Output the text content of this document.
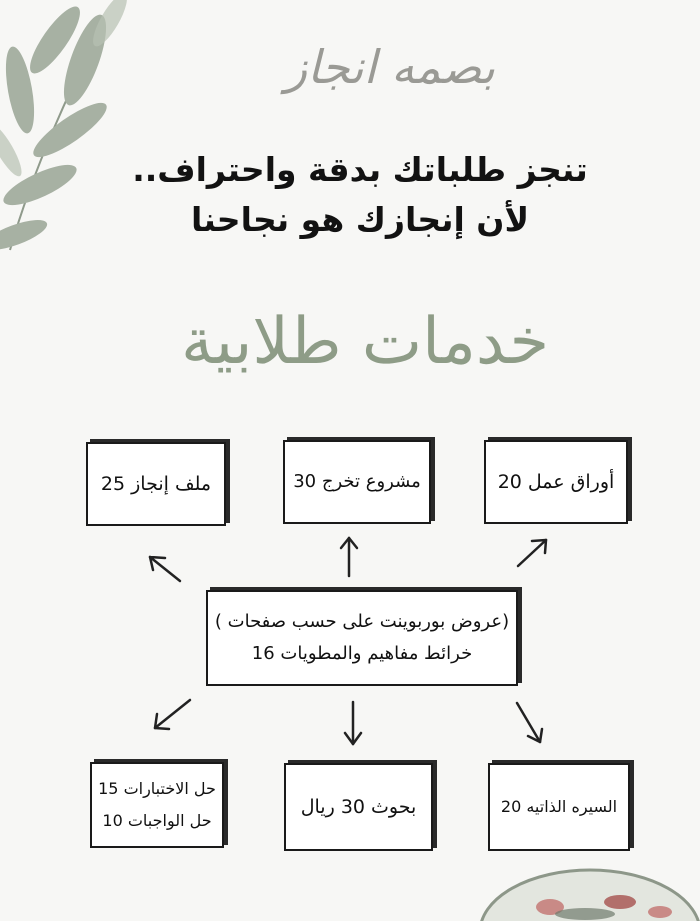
بصمه انجاز
تنجز طلباتك بدقة واحتراف..
لأن إنجازك هو نجاحنا
خدمات طلابية
ملف إنجاز 25	مشروع تخرج 30	أوراق عمل 20
(عروض بوربوينت على حسب صفحات )
خرائط مفاهيم والمطويات 16
حل الاختبارات 15
حل الواجبات 10
بحوث 30 ريال	السيره الذاتيه 20
